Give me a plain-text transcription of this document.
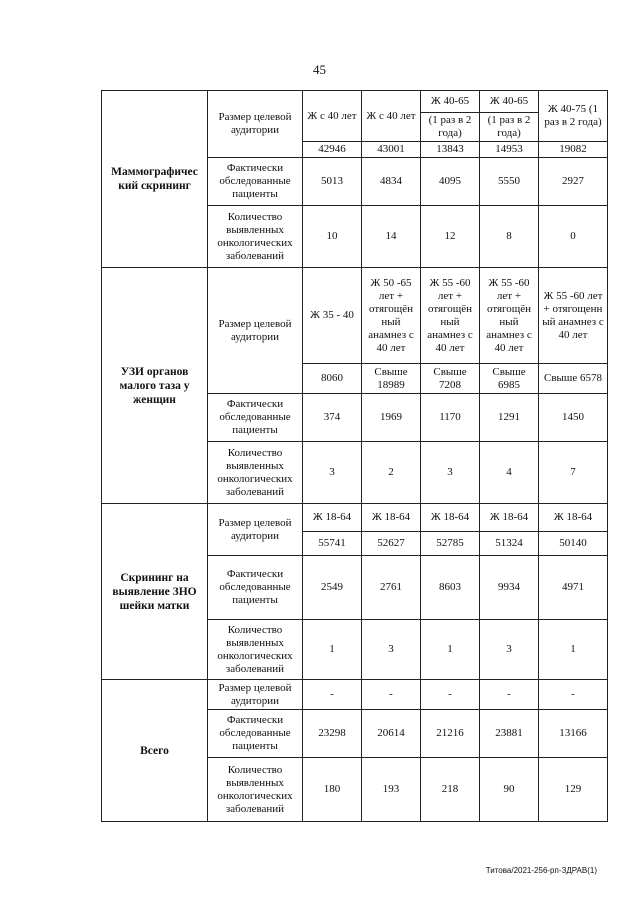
45
Маммографичес кий скрининг	Размер целевой аудитории	Ж с 40 лет	Ж с 40 лет	Ж 40-65	Ж 40-65	Ж 40-75 (1 раз в 2 года)
				(1 раз в 2 года)	(1 раз в 2 года)	
		42946	43001	13843	14953	19082
	Фактически обследованные пациенты	5013	4834	4095	5550	2927
	Количество выявленных онкологических заболеваний	10	14	12	8	0
УЗИ органов малого таза у женщин	Размер целевой аудитории	Ж 35 - 40	Ж 50 -65 лет + отягощён ный анамнез с 40 лет	Ж 55 -60 лет + отягощён ный анамнез с 40 лет	Ж 55 -60 лет + отягощён ный анамнез с 40 лет	Ж 55 -60 лет + отягощенн ый анамнез с 40 лет
		8060	Свыше 18989	Свыше 7208	Свыше 6985	Свыше 6578
	Фактически обследованные пациенты	374	1969	1170	1291	1450
	Количество выявленных онкологических заболеваний	3	2	3	4	7
Скрининг на выявление ЗНО шейки матки	Размер целевой аудитории	Ж 18-64	Ж 18-64	Ж 18-64	Ж 18-64	Ж 18-64
		55741	52627	52785	51324	50140
	Фактически обследованные пациенты	2549	2761	8603	9934	4971
	Количество выявленных онкологических заболеваний	1	3	1	3	1
Всего	Размер целевой аудитории	-	-	-	-	-
	Фактически обследованные пациенты	23298	20614	21216	23881	13166
	Количество выявленных онкологических заболеваний	180	193	218	90	129
Титова/2021-256-рп-ЗДРАВ(1)
